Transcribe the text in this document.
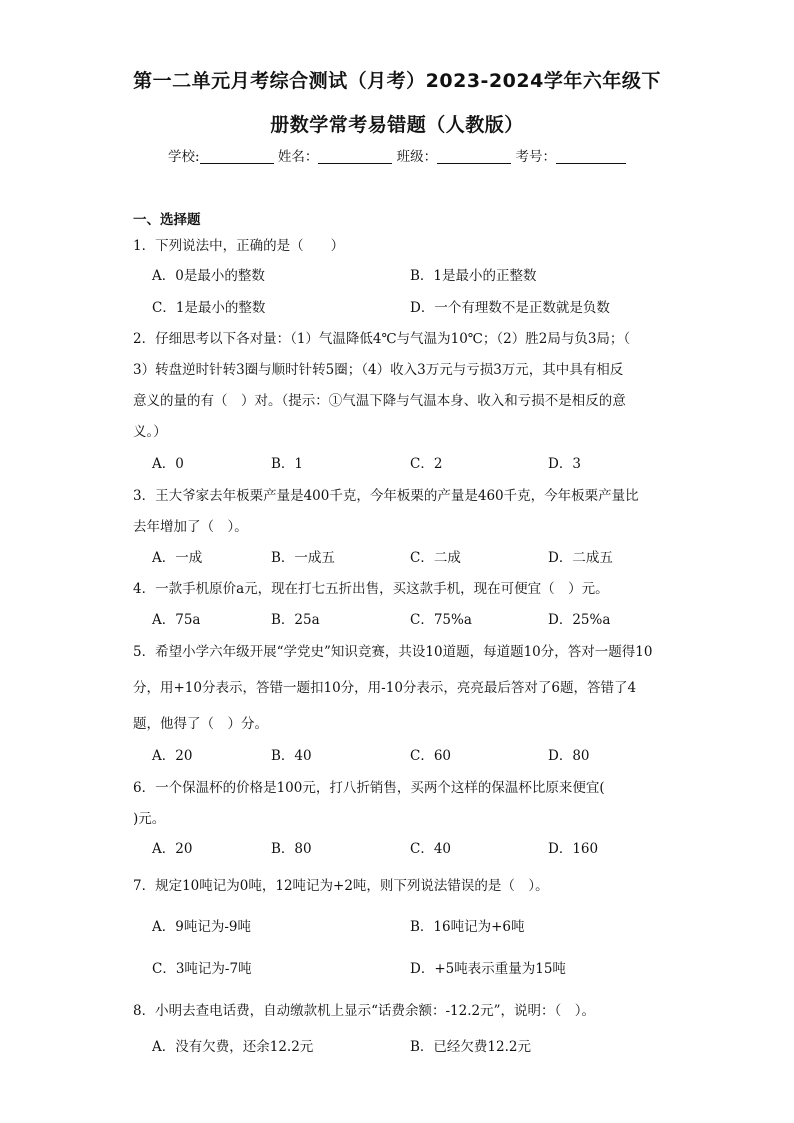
第一二单元月考综合测试（月考）2023-2024学年六年级下
册数学常考易错题（人教版）
学校:	姓名：	班级：	考号：
一、选择题
1．下列说法中，正确的是（　　）
A．0是最小的整数	B．1是最小的正整数
C．1是最小的整数	D．一个有理数不是正数就是负数
2．仔细思考以下各对量：（1）气温降低4℃与气温为10℃；（2）胜2局与负3局；（
3）转盘逆时针转3圈与顺时针转5圈；（4）收入3万元与亏损3万元，其中具有相反
意义的量的有（　）对。（提示：①气温下降与气温本身、收入和亏损不是相反的意
义。）
A．0	B．1	C．2	D．3
3．王大爷家去年板栗产量是400千克，今年板栗的产量是460千克，今年板栗产量比
去年增加了（　）。
A．一成	B．一成五	C．二成	D．二成五
4．一款手机原价a元，现在打七五折出售，买这款手机，现在可便宜（　）元。
A．75a	B．25a	C．75%a	D．25%a
5．希望小学六年级开展“学党史”知识竞赛，共设10道题，每道题10分，答对一题得10
分，用+10分表示，答错一题扣10分，用-10分表示，亮亮最后答对了6题，答错了4
题，他得了（　）分。
A．20	B．40	C．60	D．80
6．一个保温杯的价格是100元，打八折销售，买两个这样的保温杯比原来便宜(
)元。
A．20	B．80	C．40	D．160
7．规定10吨记为0吨，12吨记为+2吨，则下列说法错误的是（　）。
A．9吨记为-9吨	B．16吨记为+6吨
C．3吨记为-7吨	D．+5吨表示重量为15吨
8．小明去查电话费，自动缴款机上显示“话费余额：-12.2元”，说明：（　）。
A．没有欠费，还余12.2元	B．已经欠费12.2元
